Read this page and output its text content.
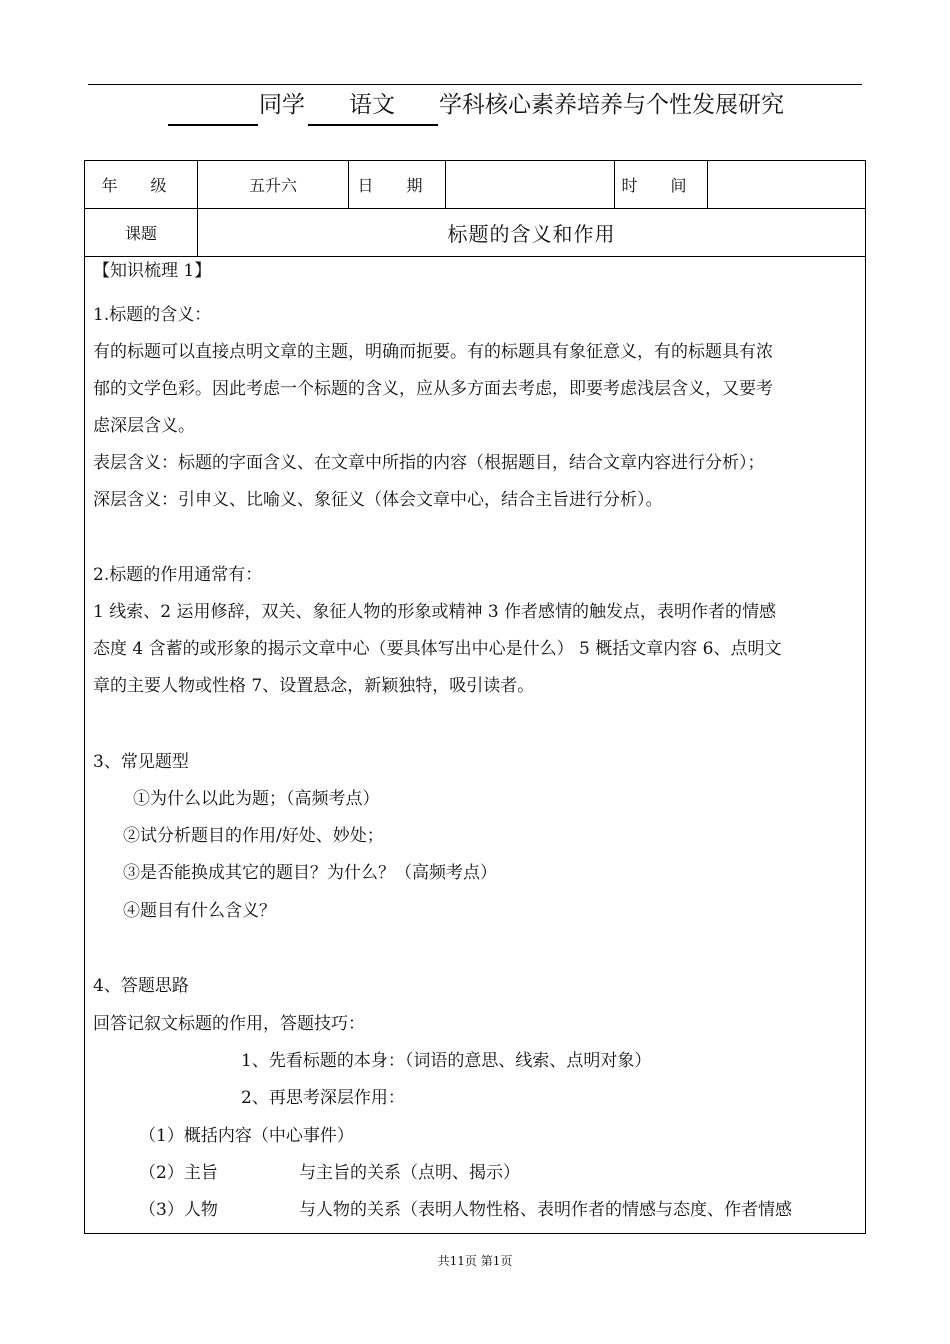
同学 语文 学科核心素养培养与个性发展研究
年 级	五升六	日 期		时 间	
课题	标题的含义和作用				
【知识梳理 1】
1.标题的含义：
有的标题可以直接点明文章的主题，明确而扼要。有的标题具有象征意义，有的标题具有浓
郁的文学色彩。因此考虑一个标题的含义，应从多方面去考虑，即要考虑浅层含义，又要考
虑深层含义。
表层含义：标题的字面含义、在文章中所指的内容（根据题目，结合文章内容进行分析）；
深层含义：引申义、比喻义、象征义（体会文章中心，结合主旨进行分析）。
2.标题的作用通常有：
1 线索、2 运用修辞，双关、象征人物的形象或精神 3 作者感情的触发点，表明作者的情感
态度 4 含蓄的或形象的揭示文章中心（要具体写出中心是什么） 5 概括文章内容 6、点明文
章的主要人物或性格 7、设置悬念，新颖独特，吸引读者。
3、常见题型
①为什么以此为题；（高频考点）
②试分析题目的作用/好处、妙处；
③是否能换成其它的题目？为什么？（高频考点）
④题目有什么含义？
4、答题思路
回答记叙文标题的作用，答题技巧：
1、先看标题的本身：（词语的意思、线索、点明对象）
2、再思考深层作用：
（1）概括内容（中心事件）
（2）主旨	与主旨的关系（点明、揭示）
（3）人物	与人物的关系（表明人物性格、表明作者的情感与态度、作者情感
共11页 第1页
